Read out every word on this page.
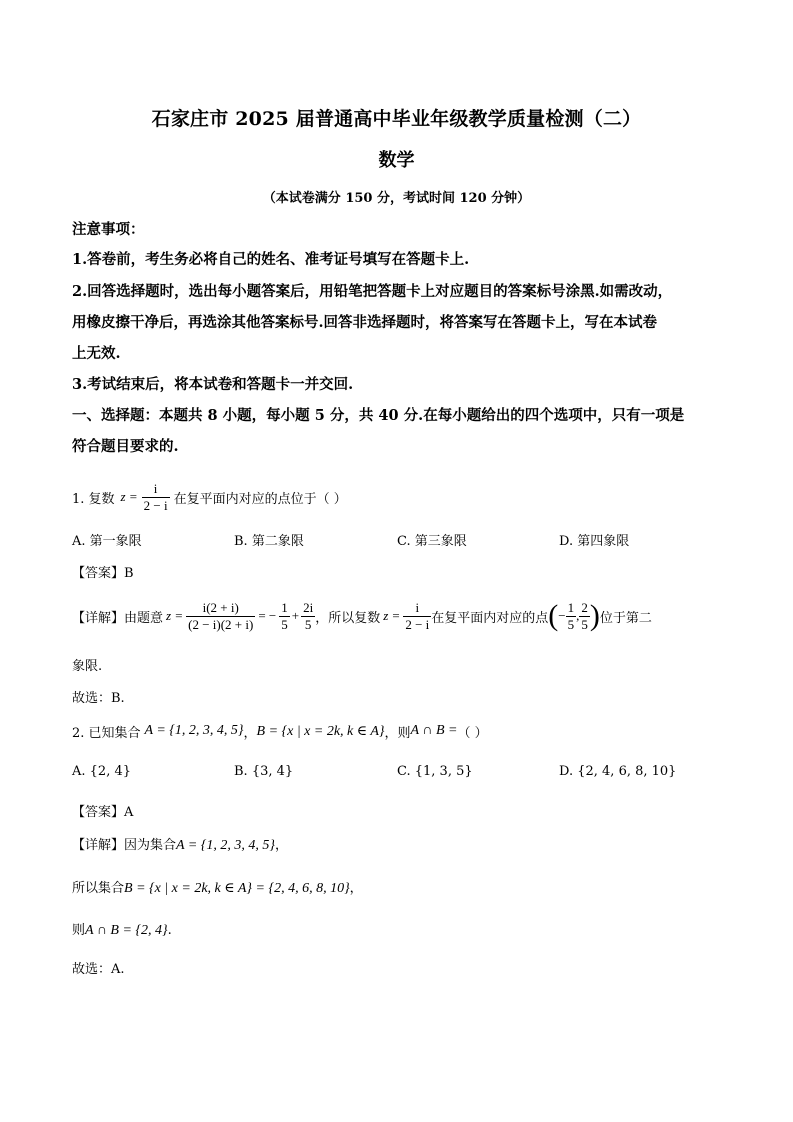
石家庄市 2025 届普通高中毕业年级教学质量检测（二）
数学
（本试卷满分 150 分，考试时间 120 分钟）
注意事项：
1.答卷前，考生务必将自己的姓名、准考证号填写在答题卡上.
2.回答选择题时，选出每小题答案后，用铅笔把答题卡上对应题目的答案标号涂黑.如需改动，
用橡皮擦干净后，再选涂其他答案标号.回答非选择题时，将答案写在答题卡上，写在本试卷
上无效.
3.考试结束后，将本试卷和答题卡一并交回.
一、选择题：本题共 8 小题，每小题 5 分，共 40 分.在每小题给出的四个选项中，只有一项是
符合题目要求的.
1. 复数 $z = \frac{i}{2 - i}$ 在复平面内对应的点位于（ ）
A. 第一象限	B. 第二象限	C. 第三象限	D. 第四象限
【答案】B
【详解】由题意 $z = \frac{i(2 + i)}{(2 - i)(2 + i)}$ = − $\frac{1}{5} + \frac{2i}{5}$ ，所以复数 $z = \frac{i}{2 - i}$ 在复平面内对应的点 ( − $\frac{1}{5}$ , $\frac{2}{5}$ ) 位于第二
象限.
故选：B.
2. 已知集合 A = {1, 2, 3, 4, 5} ， B = {x | x = 2k, k ∈ A} ，则 A ∩ B = （ ）
A. {2, 4}	B. {3, 4}	C. {1, 3, 5}	D. {2, 4, 6, 8, 10}
【答案】A
【详解】因为集合A = {1, 2, 3, 4, 5}，
所以集合B = {x | x = 2k, k ∈ A} = {2, 4, 6, 8, 10}，
则A ∩ B = {2, 4}.
故选：A.
